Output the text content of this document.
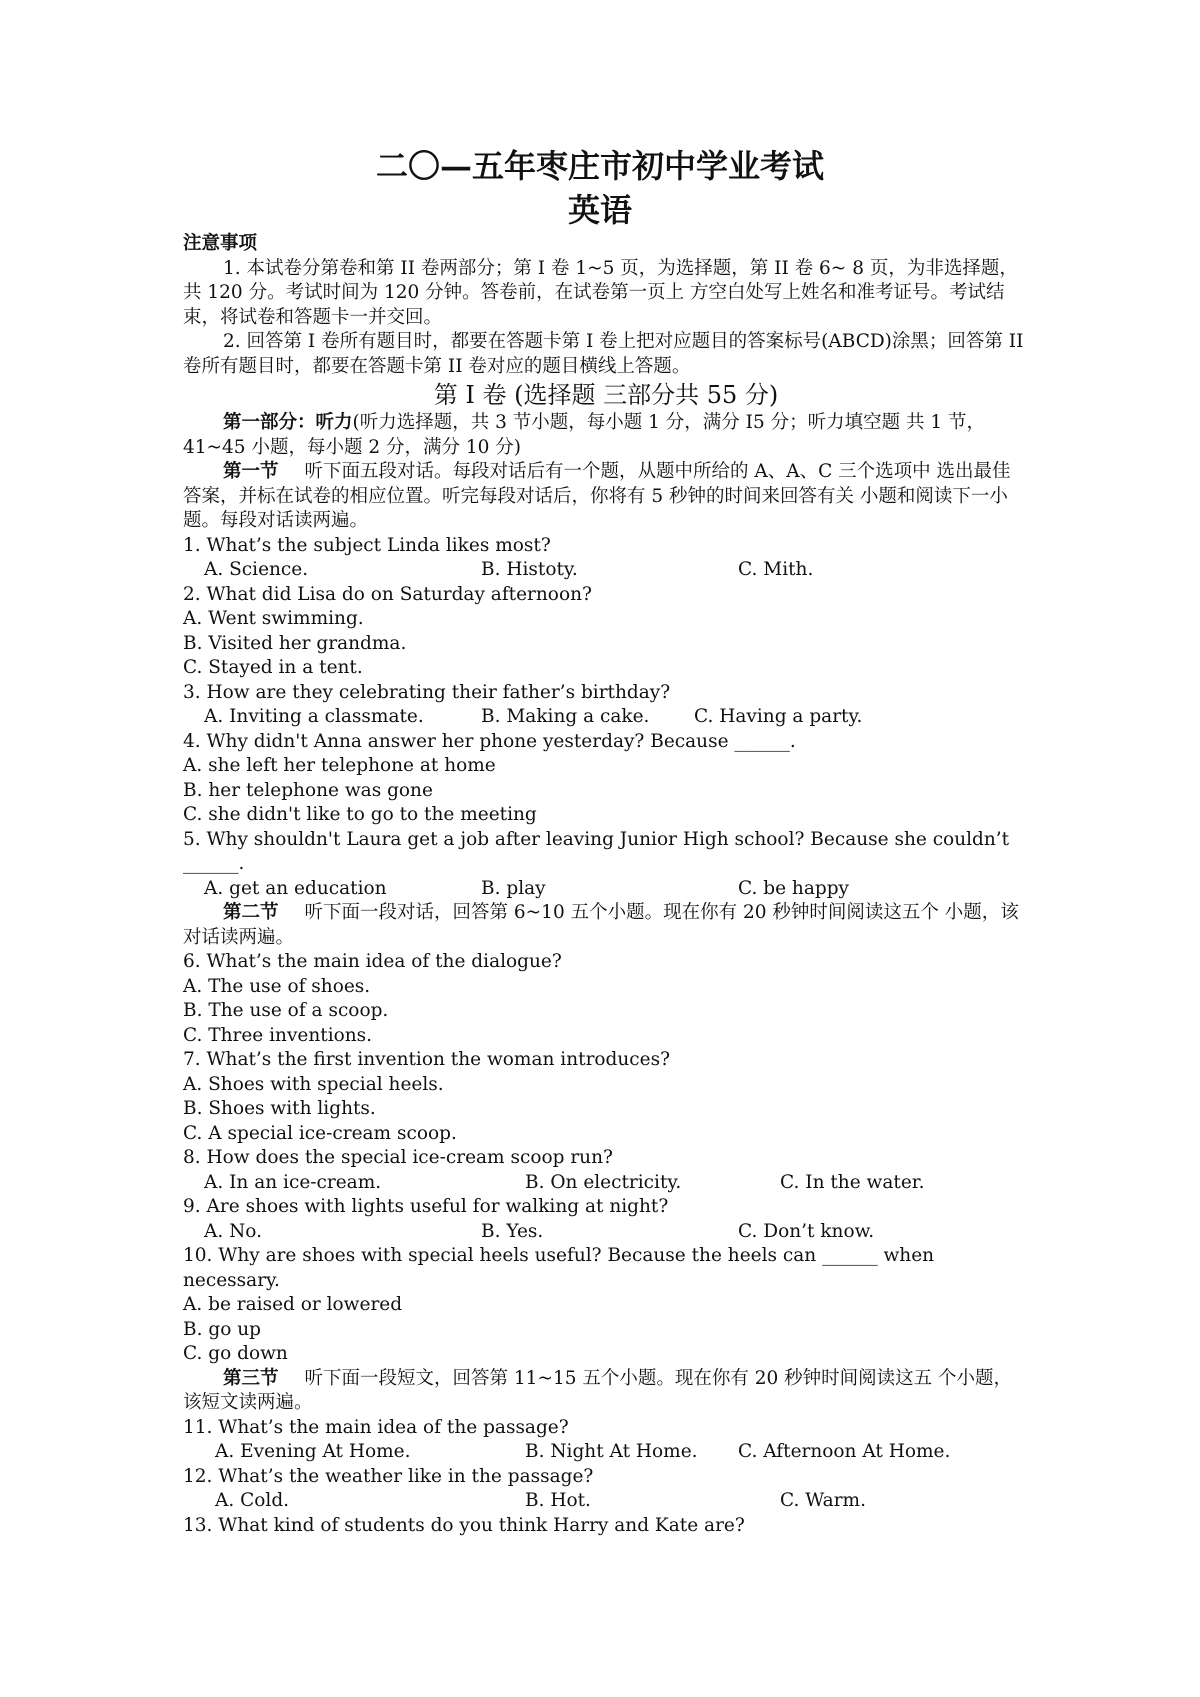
二〇—五年枣庄市初中学业考试
英语

注意事项

1. 本试卷分第卷和第 II 卷两部分；第 I 卷 1~5 页，为选择题，第 II 卷 6~ 8 页，为非选择题，共 120 分。考试时间为 120 分钟。答卷前，在试卷第一页上 方空白处写上姓名和准考证号。考试结束，将试卷和答题卡一并交回。

2. 回答第 I 卷所有题目时，都要在答题卡第 I 卷上把对应题目的答案标号(ABCD)涂黑；回答第 II 卷所有题目时，都要在答题卡第 II 卷对应的题目横线上答题。

第 I 卷 (选择题 三部分共 55 分)

第一部分：听力(听力选择题，共 3 节小题，每小题 1 分，满分 I5 分；听力填空题 共 1 节，41~45 小题，每小题 2 分，满分 10 分)

第一节 听下面五段对话。每段对话后有一个题，从题中所给的 A、A、C 三个选项中 选出最佳答案，并标在试卷的相应位置。听完每段对话后，你将有 5 秒钟的时间来回答有关 小题和阅读下一小题。每段对话读两遍。

1. What’s the subject Linda likes most?

A. Science.	B. Histoty.	C. Mith.

2. What did Lisa do on Saturday afternoon?

A. Went swimming.

B. Visited her grandma.

C. Stayed in a tent.

3. How are they celebrating their father’s birthday?

A. Inviting a classmate.	B. Making a cake. C. Having a party.

4. Why didn't Anna answer her phone yesterday? Because ______.

A. she left her telephone at home

B. her telephone was gone

C. she didn't like to go to the meeting

5. Why shouldn't Laura get a job after leaving Junior High school? Because she couldn’t ______.

A. get an education	B. play	C. be happy

第二节 听下面一段对话，回答第 6~10 五个小题。现在你有 20 秒钟时间阅读这五个 小题，该对话读两遍。

6. What’s the main idea of the dialogue?

A. The use of shoes.

B. The use of a scoop.

C. Three inventions.

7. What’s the first invention the woman introduces?

A. Shoes with special heels.

B. Shoes with lights.

C. A special ice-cream scoop.

8. How does the special ice-cream scoop run?

A. In an ice-cream.	B. On electricity.	C. In the water.

9. Are shoes with lights useful for walking at night?

A. No.	B. Yes.	C. Don’t know.

10. Why are shoes with special heels useful? Because the heels can ______ when necessary.

A. be raised or lowered

B. go up

C. go down

第三节 听下面一段短文，回答第 11~15 五个小题。现在你有 20 秒钟时间阅读这五 个小题，该短文读两遍。

11. What’s the main idea of the passage?

A. Evening At Home.	B. Night At Home. C. Afternoon At Home.

12. What’s the weather like in the passage?

A. Cold.	B. Hot.	C. Warm.

13. What kind of students do you think Harry and Kate are?
